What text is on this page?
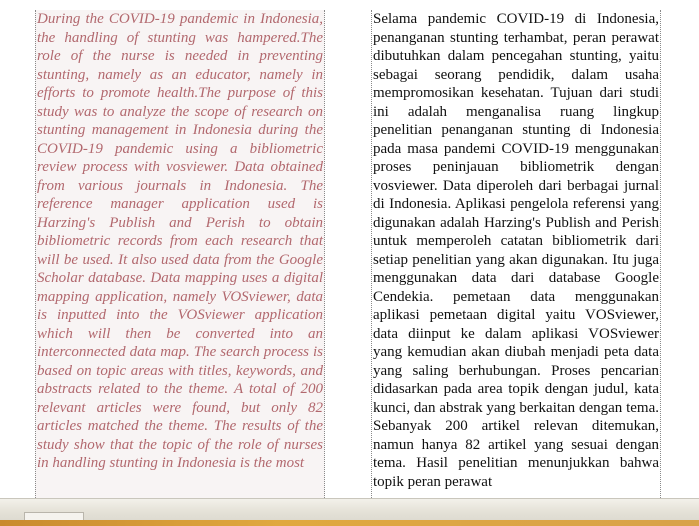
During the COVID-19 pandemic in Indonesia, the handling of stunting was hampered.The role of the nurse is needed in preventing stunting, namely as an educator, namely in efforts to promote health.The purpose of this study was to analyze the scope of research on stunting management in Indonesia during the COVID-19 pandemic using a bibliometric review process with vosviewer. Data obtained from various journals in Indonesia. The reference manager application used is Harzing's Publish and Perish to obtain bibliometric records from each research that will be used. It also used data from the Google Scholar database. Data mapping uses a digital mapping application, namely VOSviewer, data is inputted into the VOSviewer application which will then be converted into an interconnected data map. The search process is based on topic areas with titles, keywords, and abstracts related to the theme. A total of 200 relevant articles were found, but only 82 articles matched the theme. The results of the study show that the topic of the role of nurses in handling stunting in Indonesia is the most

Selama pandemic COVID-19 di Indonesia, penanganan stunting terhambat, peran perawat dibutuhkan dalam pencegahan stunting, yaitu sebagai seorang pendidik, dalam usaha mempromosikan kesehatan. Tujuan dari studi ini adalah menganalisa ruang lingkup penelitian penanganan stunting di Indonesia pada masa pandemi COVID-19 menggunakan proses peninjauan bibliometrik dengan vosviewer. Data diperoleh dari berbagai jurnal di Indonesia. Aplikasi pengelola referensi yang digunakan adalah Harzing's Publish and Perish untuk memperoleh catatan bibliometrik dari setiap penelitian yang akan digunakan. Itu juga menggunakan data dari database Google Cendekia. pemetaan data menggunakan aplikasi pemetaan digital yaitu VOSviewer, data diinput ke dalam aplikasi VOSviewer yang kemudian akan diubah menjadi peta data yang saling berhubungan. Proses pencarian didasarkan pada area topik dengan judul, kata kunci, dan abstrak yang berkaitan dengan tema. Sebanyak 200 artikel relevan ditemukan, namun hanya 82 artikel yang sesuai dengan tema. Hasil penelitian menunjukkan bahwa topik peran perawat
